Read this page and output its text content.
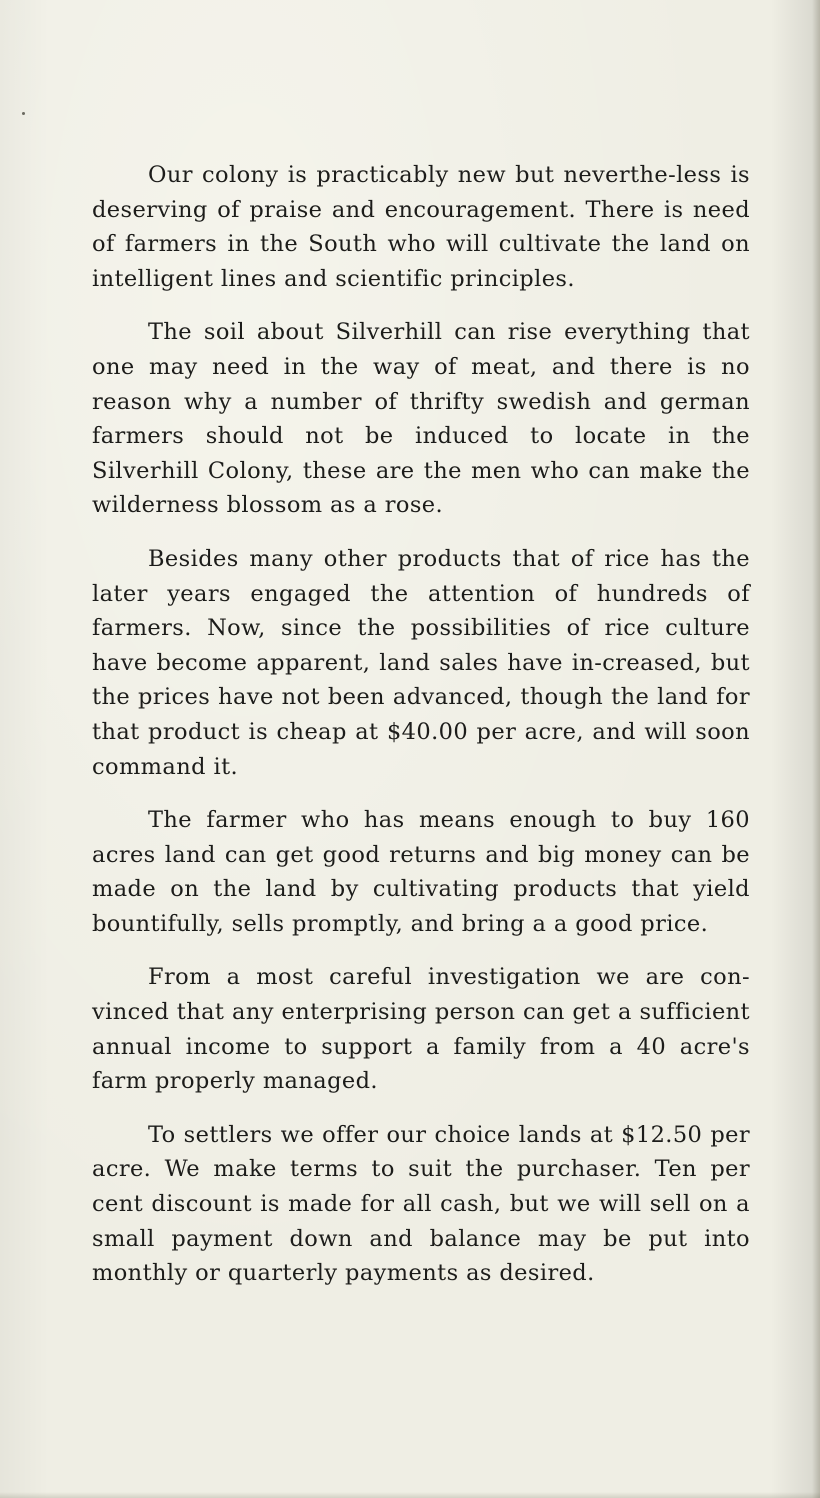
Our colony is practicably new but neverthe-less is deserving of praise and encouragement. There is need of farmers in the South who will cultivate the land on intelligent lines and scientific principles.

The soil about Silverhill can rise everything that one may need in the way of meat, and there is no reason why a number of thrifty swedish and german farmers should not be induced to locate in the Silverhill Colony, these are the men who can make the wilderness blossom as a rose.

Besides many other products that of rice has the later years engaged the attention of hundreds of farmers. Now, since the possibilities of rice culture have become apparent, land sales have in-creased, but the prices have not been advanced, though the land for that product is cheap at $40.00 per acre, and will soon command it.

The farmer who has means enough to buy 160 acres land can get good returns and big money can be made on the land by cultivating products that yield bountifully, sells promptly, and bring a a good price.

From a most careful investigation we are con-vinced that any enterprising person can get a sufficient annual income to support a family from a 40 acre's farm properly managed.

To settlers we offer our choice lands at $12.50 per acre. We make terms to suit the purchaser. Ten per cent discount is made for all cash, but we will sell on a small payment down and balance may be put into monthly or quarterly payments as desired.
